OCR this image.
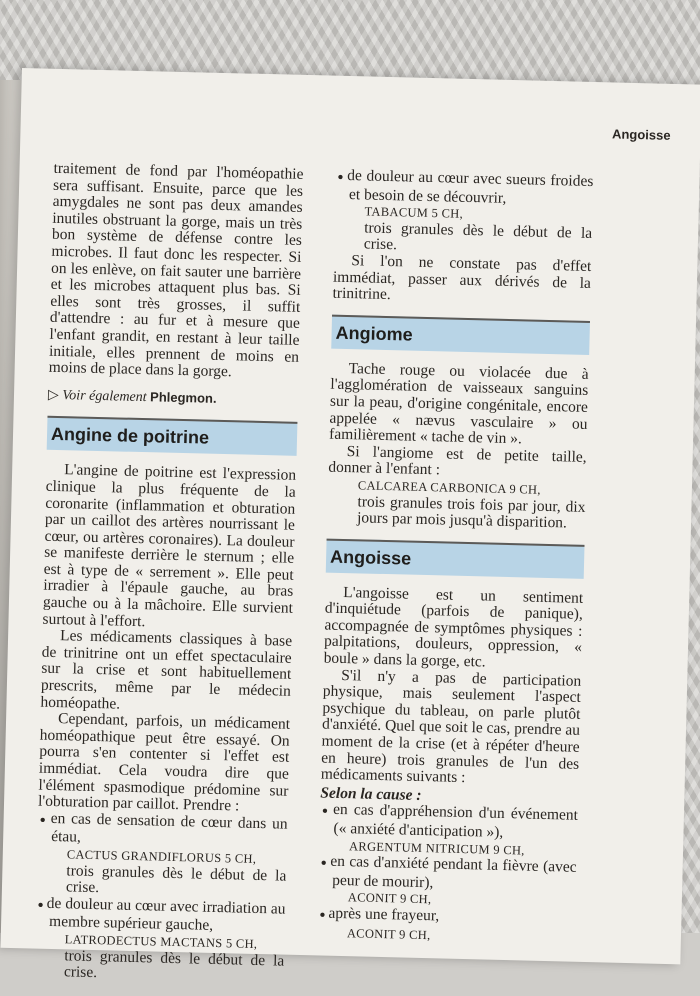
Angoisse

traitement de fond par l'homéopathie sera suffisant. Ensuite, parce que les amygdales ne sont pas deux amandes inutiles obstruant la gorge, mais un très bon système de défense contre les microbes. Il faut donc les respecter. Si on les enlève, on fait sauter une barrière et les microbes attaquent plus bas. Si elles sont très grosses, il suffit d'attendre : au fur et à mesure que l'enfant grandit, en restant à leur taille initiale, elles prennent de moins en moins de place dans la gorge.

▷ Voir également Phlegmon.

Angine de poitrine

L'angine de poitrine est l'expression clinique la plus fréquente de la coronarite (inflammation et obturation par un caillot des artères nourrissant le cœur, ou artères coronaires). La douleur se manifeste derrière le sternum ; elle est à type de « serrement ». Elle peut irradier à l'épaule gauche, au bras gauche ou à la mâchoire. Elle survient surtout à l'effort.

Les médicaments classiques à base de trinitrine ont un effet spectaculaire sur la crise et sont habituellement prescrits, même par le médecin homéopathe.

Cependant, parfois, un médicament homéopathique peut être essayé. On pourra s'en contenter si l'effet est immédiat. Cela voudra dire que l'élément spasmodique prédomine sur l'obturation par caillot. Prendre :

● en cas de sensation de cœur dans un étau,

CACTUS GRANDIFLORUS 5 CH,

trois granules dès le début de la crise.

● de douleur au cœur avec irradiation au membre supérieur gauche,

LATRODECTUS MACTANS 5 CH,

trois granules dès le début de la crise.

● de douleur au cœur avec sueurs froides et besoin de se découvrir,

TABACUM 5 CH,

trois granules dès le début de la crise.

Si l'on ne constate pas d'effet immédiat, passer aux dérivés de la trinitrine.

Angiome

Tache rouge ou violacée due à l'agglomération de vaisseaux sanguins sur la peau, d'origine congénitale, encore appelée « nævus vasculaire » ou familièrement « tache de vin ».

Si l'angiome est de petite taille, donner à l'enfant :

CALCAREA CARBONICA 9 CH,

trois granules trois fois par jour, dix jours par mois jusqu'à disparition.

Angoisse

L'angoisse est un sentiment d'inquiétude (parfois de panique), accompagnée de symptômes physiques : palpitations, douleurs, oppression, « boule » dans la gorge, etc.

S'il n'y a pas de participation physique, mais seulement l'aspect psychique du tableau, on parle plutôt d'anxiété. Quel que soit le cas, prendre au moment de la crise (et à répéter d'heure en heure) trois granules de l'un des médicaments suivants :

Selon la cause :

● en cas d'appréhension d'un événement (« anxiété d'anticipation »),

ARGENTUM NITRICUM 9 CH,

● en cas d'anxiété pendant la fièvre (avec peur de mourir),

ACONIT 9 CH,

● après une frayeur,

ACONIT 9 CH,
